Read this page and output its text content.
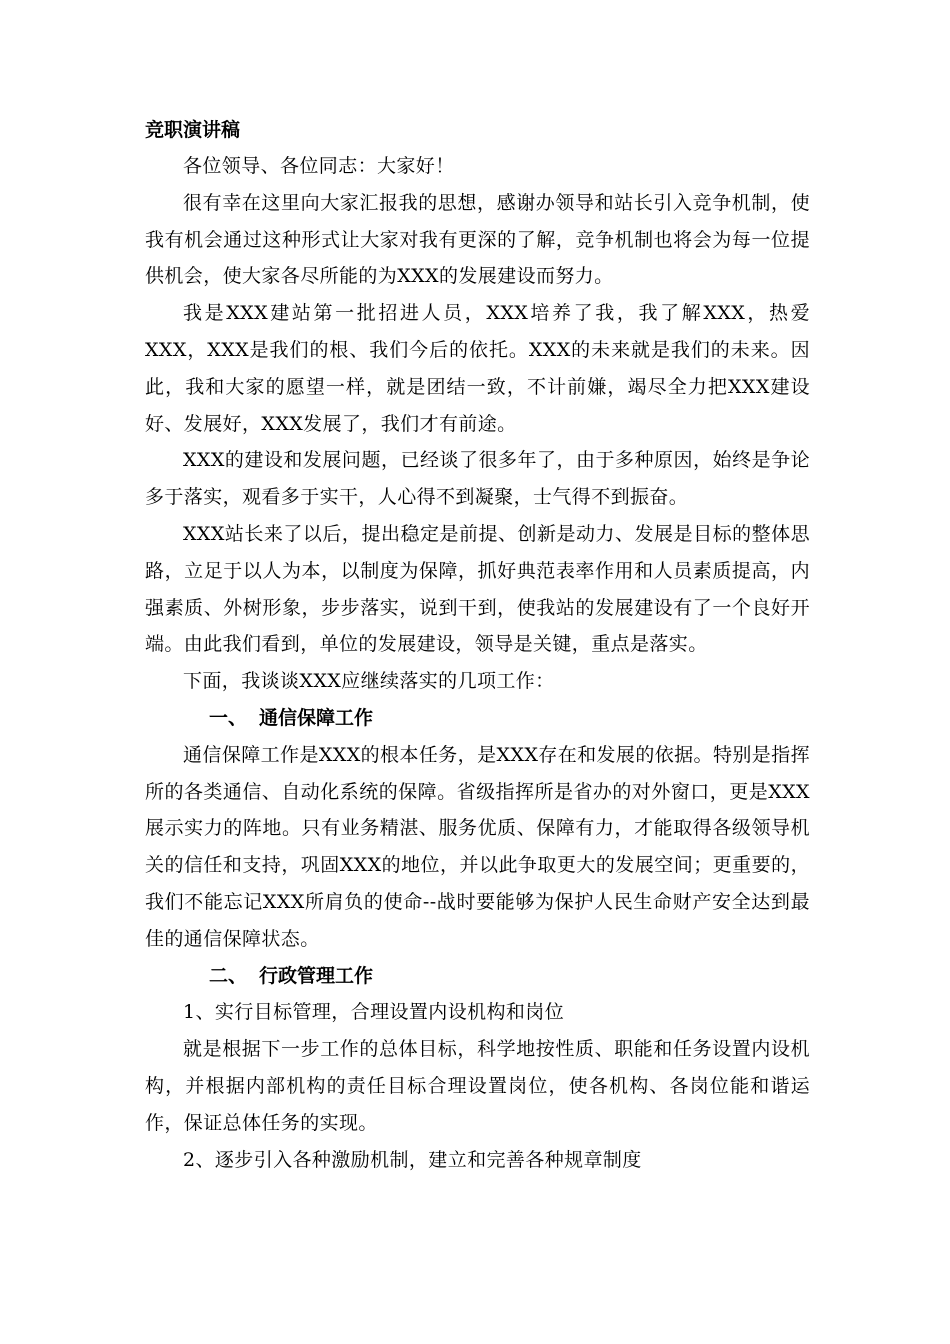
竞职演讲稿

各位领导、各位同志：大家好！

很有幸在这里向大家汇报我的思想，感谢办领导和站长引入竞争机制，使我有机会通过这种形式让大家对我有更深的了解，竞争机制也将会为每一位提供机会，使大家各尽所能的为XXX的发展建设而努力。

我是XXX建站第一批招进人员，XXX培养了我，我了解XXX，热爱XXX，XXX是我们的根、我们今后的依托。XXX的未来就是我们的未来。因此，我和大家的愿望一样，就是团结一致，不计前嫌，竭尽全力把XXX建设好、发展好，XXX发展了，我们才有前途。

XXX的建设和发展问题，已经谈了很多年了，由于多种原因，始终是争论多于落实，观看多于实干，人心得不到凝聚，士气得不到振奋。

XXX站长来了以后，提出稳定是前提、创新是动力、发展是目标的整体思路，立足于以人为本，以制度为保障，抓好典范表率作用和人员素质提高，内强素质、外树形象，步步落实，说到干到，使我站的发展建设有了一个良好开端。由此我们看到，单位的发展建设，领导是关键，重点是落实。

下面，我谈谈XXX应继续落实的几项工作：

一、 通信保障工作

通信保障工作是XXX的根本任务，是XXX存在和发展的依据。特别是指挥所的各类通信、自动化系统的保障。省级指挥所是省办的对外窗口，更是XXX展示实力的阵地。只有业务精湛、服务优质、保障有力，才能取得各级领导机关的信任和支持，巩固XXX的地位，并以此争取更大的发展空间；更重要的，我们不能忘记XXX所肩负的使命--战时要能够为保护人民生命财产安全达到最佳的通信保障状态。

二、 行政管理工作

1、实行目标管理，合理设置内设机构和岗位

就是根据下一步工作的总体目标，科学地按性质、职能和任务设置内设机构，并根据内部机构的责任目标合理设置岗位，使各机构、各岗位能和谐运作，保证总体任务的实现。

2、逐步引入各种激励机制，建立和完善各种规章制度
